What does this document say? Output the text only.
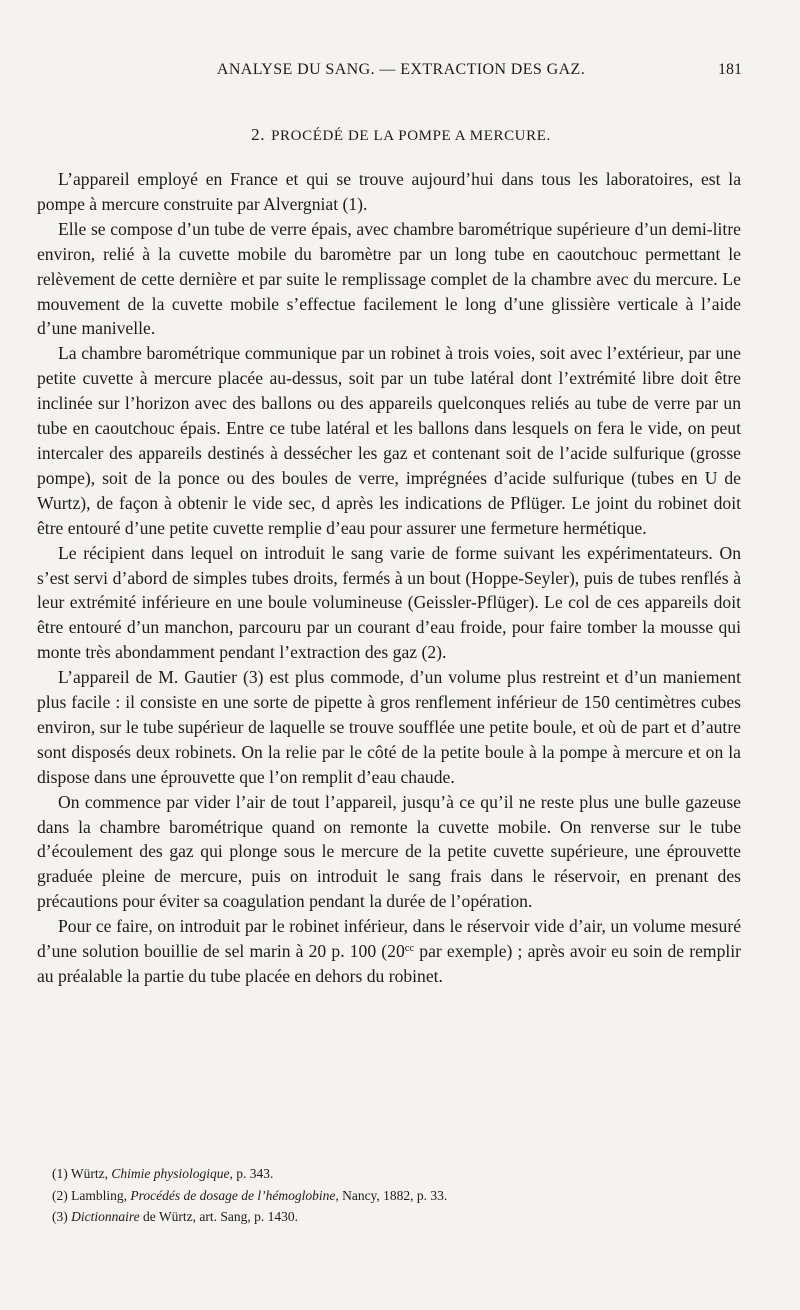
ANALYSE DU SANG. — EXTRACTION DES GAZ.	181
2. PROCÉDÉ DE LA POMPE A MERCURE.

L’appareil employé en France et qui se trouve aujourd’hui dans tous les laboratoires, est la pompe à mercure construite par Alvergniat (1).

Elle se compose d’un tube de verre épais, avec chambre barométrique supérieure d’un demi-litre environ, relié à la cuvette mobile du baromètre par un long tube en caoutchouc permettant le relèvement de cette dernière et par suite le remplissage complet de la chambre avec du mercure. Le mouvement de la cuvette mobile s’effectue facilement le long d’une glissière verticale à l’aide d’une manivelle.

La chambre barométrique communique par un robinet à trois voies, soit avec l’extérieur, par une petite cuvette à mercure placée au-dessus, soit par un tube latéral dont l’extrémité libre doit être inclinée sur l’horizon avec des ballons ou des appareils quelconques reliés au tube de verre par un tube en caoutchouc épais. Entre ce tube latéral et les ballons dans lesquels on fera le vide, on peut intercaler des appareils destinés à dessécher les gaz et contenant soit de l’acide sulfurique (grosse pompe), soit de la ponce ou des boules de verre, imprégnées d’acide sulfurique (tubes en U de Wurtz), de façon à obtenir le vide sec, d après les indications de Pflüger. Le joint du robinet doit être entouré d’une petite cuvette remplie d’eau pour assurer une fermeture hermétique.

Le récipient dans lequel on introduit le sang varie de forme suivant les expérimentateurs. On s’est servi d’abord de simples tubes droits, fermés à un bout (Hoppe-Seyler), puis de tubes renflés à leur extrémité inférieure en une boule volumineuse (Geissler-Pflüger). Le col de ces appareils doit être entouré d’un manchon, parcouru par un courant d’eau froide, pour faire tomber la mousse qui monte très abondamment pendant l’extraction des gaz (2).

L’appareil de M. Gautier (3) est plus commode, d’un volume plus restreint et d’un maniement plus facile : il consiste en une sorte de pipette à gros renflement inférieur de 150 centimètres cubes environ, sur le tube supérieur de laquelle se trouve soufflée une petite boule, et où de part et d’autre sont disposés deux robinets. On la relie par le côté de la petite boule à la pompe à mercure et on la dispose dans une éprouvette que l’on remplit d’eau chaude.

On commence par vider l’air de tout l’appareil, jusqu’à ce qu’il ne reste plus une bulle gazeuse dans la chambre barométrique quand on remonte la cuvette mobile. On renverse sur le tube d’écoulement des gaz qui plonge sous le mercure de la petite cuvette supérieure, une éprouvette graduée pleine de mercure, puis on introduit le sang frais dans le réservoir, en prenant des précautions pour éviter sa coagulation pendant la durée de l’opération.

Pour ce faire, on introduit par le robinet inférieur, dans le réservoir vide d’air, un volume mesuré d’une solution bouillie de sel marin à 20 p. 100 ($20^{cc}$ par exemple) ; après avoir eu soin de remplir au préalable la partie du tube placée en dehors du robinet.

(1) Würtz, Chimie physiologique, p. 343.

(2) Lambling, Procédés de dosage de l’hémoglobine, Nancy, 1882, p. 33.

(3) Dictionnaire de Würtz, art. Sang, p. 1430.
